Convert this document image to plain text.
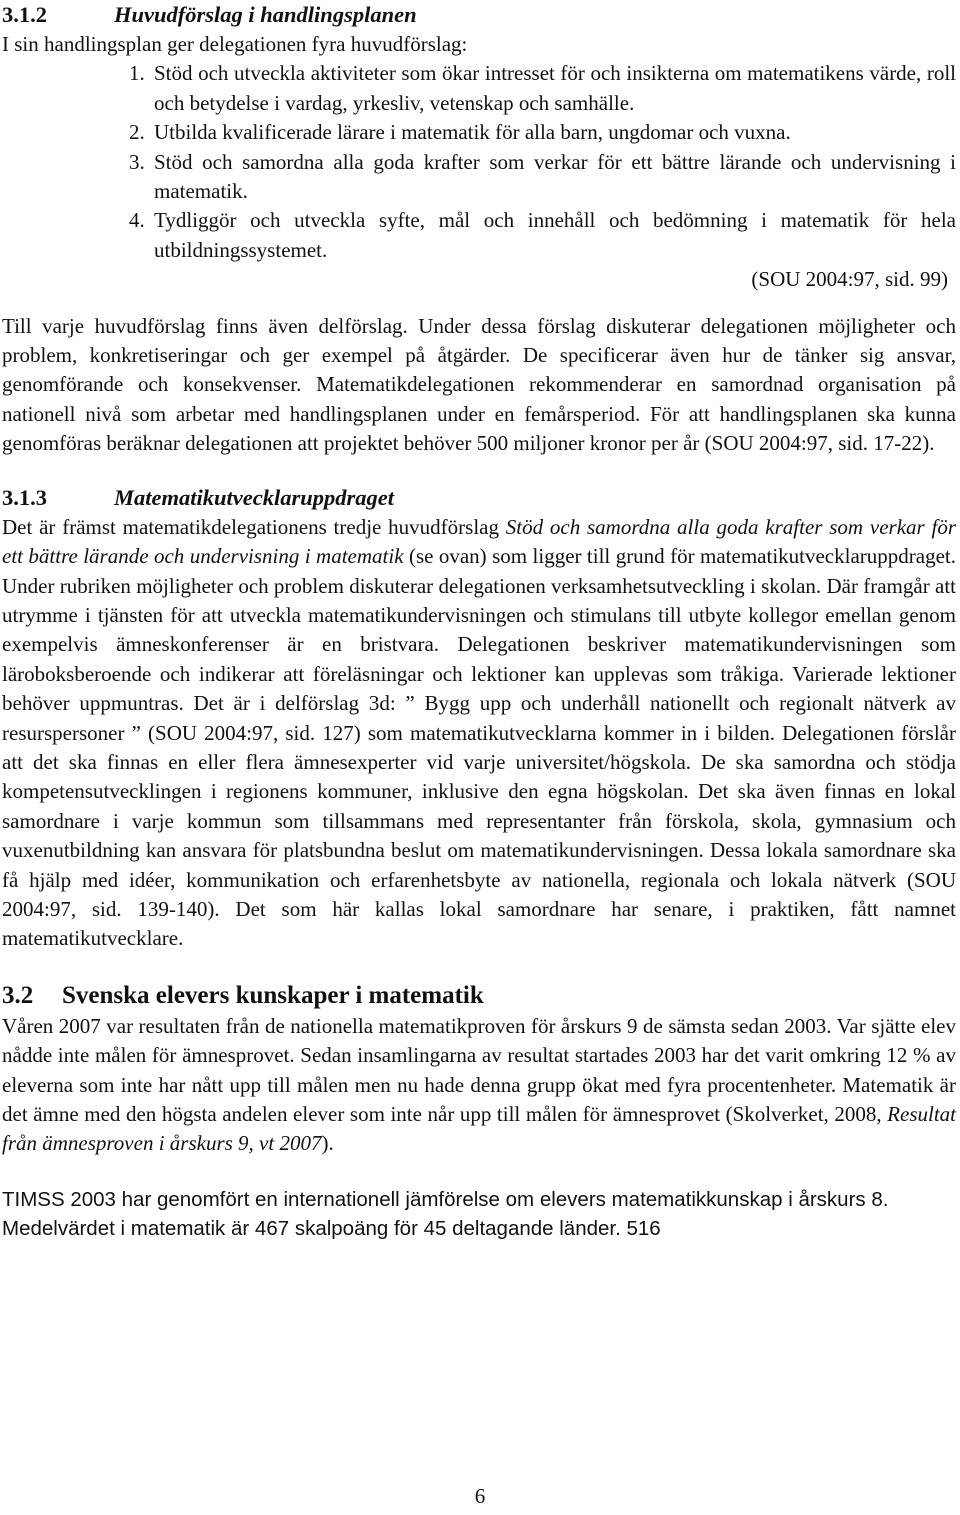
3.1.2	Huvudförslag i handlingsplanen

I sin handlingsplan ger delegationen fyra huvudförslag:

1. Stöd och utveckla aktiviteter som ökar intresset för och insikterna om matematikens värde, roll och betydelse i vardag, yrkesliv, vetenskap och samhälle.
2. Utbilda kvalificerade lärare i matematik för alla barn, ungdomar och vuxna.
3. Stöd och samordna alla goda krafter som verkar för ett bättre lärande och undervisning i matematik.
4. Tydliggör och utveckla syfte, mål och innehåll och bedömning i matematik för hela utbildningssystemet.

(SOU 2004:97, sid. 99)

Till varje huvudförslag finns även delförslag. Under dessa förslag diskuterar delegationen möjligheter och problem, konkretiseringar och ger exempel på åtgärder. De specificerar även hur de tänker sig ansvar, genomförande och konsekvenser. Matematikdelegationen rekommenderar en samordnad organisation på nationell nivå som arbetar med handlingsplanen under en femårsperiod. För att handlingsplanen ska kunna genomföras beräknar delegationen att projektet behöver 500 miljoner kronor per år (SOU 2004:97, sid. 17-22).

3.1.3	Matematikutvecklaruppdraget

Det är främst matematikdelegationens tredje huvudförslag Stöd och samordna alla goda krafter som verkar för ett bättre lärande och undervisning i matematik (se ovan) som ligger till grund för matematikutvecklaruppdraget. Under rubriken möjligheter och problem diskuterar delegationen verksamhetsutveckling i skolan. Där framgår att utrymme i tjänsten för att utveckla matematikundervisningen och stimulans till utbyte kollegor emellan genom exempelvis ämneskonferenser är en bristvara. Delegationen beskriver matematikundervisningen som läroboksberoende och indikerar att föreläsningar och lektioner kan upplevas som tråkiga. Varierade lektioner behöver uppmuntras. Det är i delförslag 3d: ” Bygg upp och underhåll nationellt och regionalt nätverk av resurspersoner ” (SOU 2004:97, sid. 127) som matematikutvecklarna kommer in i bilden. Delegationen förslår att det ska finnas en eller flera ämnesexperter vid varje universitet/högskola. De ska samordna och stödja kompetensutvecklingen i regionens kommuner, inklusive den egna högskolan. Det ska även finnas en lokal samordnare i varje kommun som tillsammans med representanter från förskola, skola, gymnasium och vuxenutbildning kan ansvara för platsbundna beslut om matematikundervisningen. Dessa lokala samordnare ska få hjälp med idéer, kommunikation och erfarenhetsbyte av nationella, regionala och lokala nätverk (SOU 2004:97, sid. 139-140). Det som här kallas lokal samordnare har senare, i praktiken, fått namnet matematikutvecklare.

3.2 Svenska elevers kunskaper i matematik

Våren 2007 var resultaten från de nationella matematikproven för årskurs 9 de sämsta sedan 2003. Var sjätte elev nådde inte målen för ämnesprovet. Sedan insamlingarna av resultat startades 2003 har det varit omkring 12 % av eleverna som inte har nått upp till målen men nu hade denna grupp ökat med fyra procentenheter. Matematik är det ämne med den högsta andelen elever som inte når upp till målen för ämnesprovet (Skolverket, 2008, Resultat från ämnesproven i årskurs 9, vt 2007).

TIMSS 2003 har genomfört en internationell jämförelse om elevers matematikkunskap i årskurs 8. Medelvärdet i matematik är 467 skalpoäng för 45 deltagande länder. 516

6
